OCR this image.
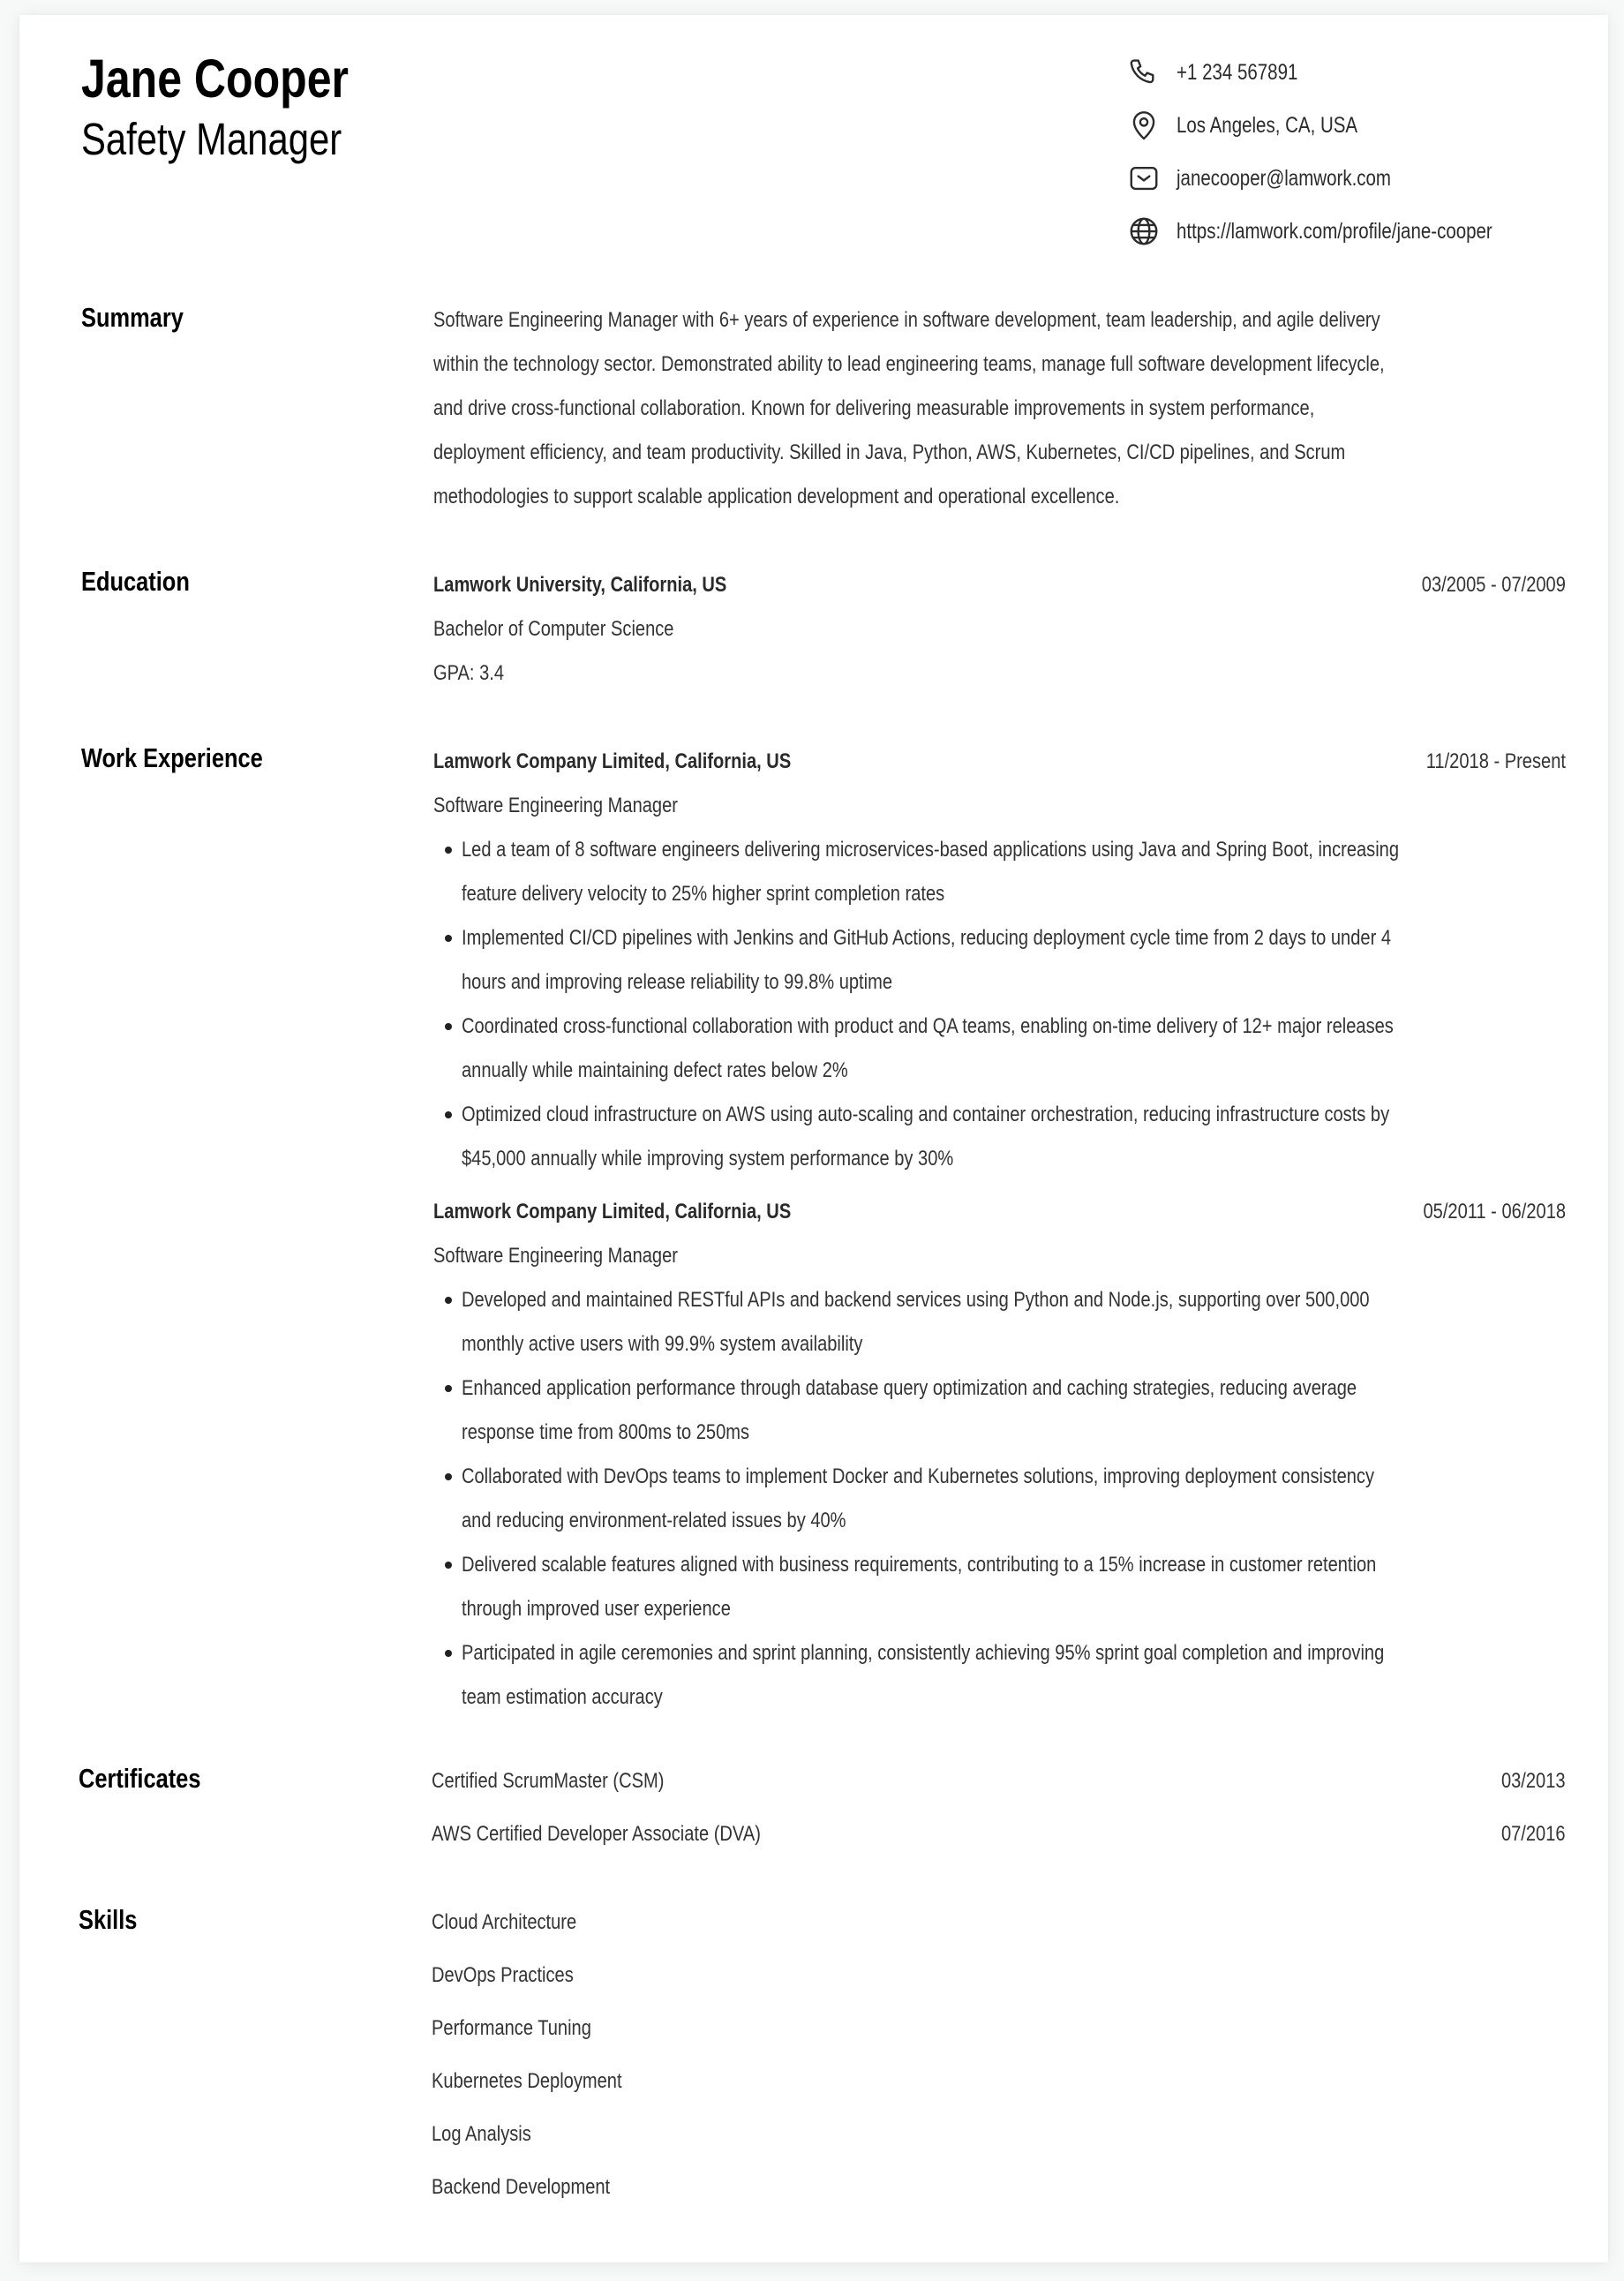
Jane Cooper
Safety Manager
+1 234 567891
Los Angeles, CA, USA
janecooper@lamwork.com
https://lamwork.com/profile/jane-cooper
Summary	Software Engineering Manager with 6+ years of experience in software development, team leadership, and agile delivery
within the technology sector. Demonstrated ability to lead engineering teams, manage full software development lifecycle,
and drive cross-functional collaboration. Known for delivering measurable improvements in system performance,
deployment efficiency, and team productivity. Skilled in Java, Python, AWS, Kubernetes, CI/CD pipelines, and Scrum
methodologies to support scalable application development and operational excellence.
Education	Lamwork University, California, US	03/2005 - 07/2009
Bachelor of Computer Science
GPA: 3.4
Work Experience	Lamwork Company Limited, California, US	11/2018 - Present
Software Engineering Manager
Led a team of 8 software engineers delivering microservices-based applications using Java and Spring Boot, increasing
feature delivery velocity to 25% higher sprint completion rates
Implemented CI/CD pipelines with Jenkins and GitHub Actions, reducing deployment cycle time from 2 days to under 4
hours and improving release reliability to 99.8% uptime
Coordinated cross-functional collaboration with product and QA teams, enabling on-time delivery of 12+ major releases
annually while maintaining defect rates below 2%
Optimized cloud infrastructure on AWS using auto-scaling and container orchestration, reducing infrastructure costs by
$45,000 annually while improving system performance by 30%
Lamwork Company Limited, California, US	05/2011 - 06/2018
Software Engineering Manager
Developed and maintained RESTful APIs and backend services using Python and Node.js, supporting over 500,000
monthly active users with 99.9% system availability
Enhanced application performance through database query optimization and caching strategies, reducing average
response time from 800ms to 250ms
Collaborated with DevOps teams to implement Docker and Kubernetes solutions, improving deployment consistency
and reducing environment-related issues by 40%
Delivered scalable features aligned with business requirements, contributing to a 15% increase in customer retention
through improved user experience
Participated in agile ceremonies and sprint planning, consistently achieving 95% sprint goal completion and improving
team estimation accuracy
Certificates	Certified ScrumMaster (CSM)	03/2013
AWS Certified Developer Associate (DVA)	07/2016
Skills	Cloud Architecture
DevOps Practices
Performance Tuning
Kubernetes Deployment
Log Analysis
Backend Development
